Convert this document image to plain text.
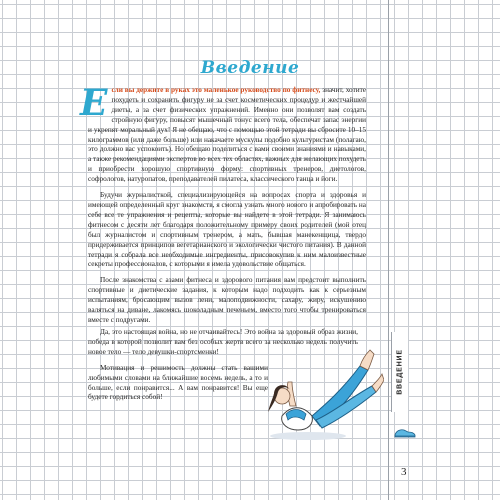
Введение

Если вы держите в руках это маленькое руководство по фитнесу, значит, хотите похудеть и сохранить фигуру не за счет косметических процедур и жестчайшей диеты, а за счет физических упражнений. Именно они позволят вам создать стройную фигуру, повысят мышечный тонус всего тела, обеспечат запас энергии и укрепят моральный дух! Я не обещаю, что с помощью этой тетради вы сбросите 10–15 килограммов (или даже больше) или накачаете мускулы подобно культуристам (полагаю, это должно вас успокоить). Но обещаю поделиться с вами своими знаниями и навыками, а также рекомендациями экспертов во всех тех областях, важных для желающих похудеть и приобрести хорошую спортивную форму: спортивных тренеров, диетологов, софрологов, натуропатов, преподавателей пилатеса, классического танца и йоги.

Будучи журналисткой, специализирующейся на вопросах спорта и здоровья и имеющей определенный круг знакомств, я смогла узнать много нового и апробировать на себе все те упражнения и рецепты, которые вы найдете в этой тетради. Я занимаюсь фитнесом с десяти лет благодаря положительному примеру своих родителей (мой отец был журналистом и спортивным тренером, а мать, бывшая манекенщица, твердо придерживается принципов вегетарианского и экологически чистого питания). В данной тетради я собрала все необходимые ингредиенты, присовокупив к ним малоизвестные секреты профессионалов, с которыми я имела удовольствие общаться.

После знакомства с азами фитнеса и здорового питания вам предстоит выполнить спортивные и диетические задания, к которым надо подходить как к серьезным испытаниям, бросающим вызов лени, малоподвижности, сахару, жиру, искушению валяться на диване, лакомясь шоколадным печеньем, вместо того чтобы тренироваться вместе с подругами.

Да, это настоящая война, но не отчаивайтесь! Это война за здоровый образ жизни, победа в которой позволит вам без особых жертв всего за несколько недель получить новое тело — тело девушки-спортсменки!

Мотивация и решимость должны стать вашими любимыми словами на ближайшие восемь недель, а то и больше, если понравится... А вам понравится! Вы еще будете гордиться собой!

ВВЕДЕНИЕ
3
